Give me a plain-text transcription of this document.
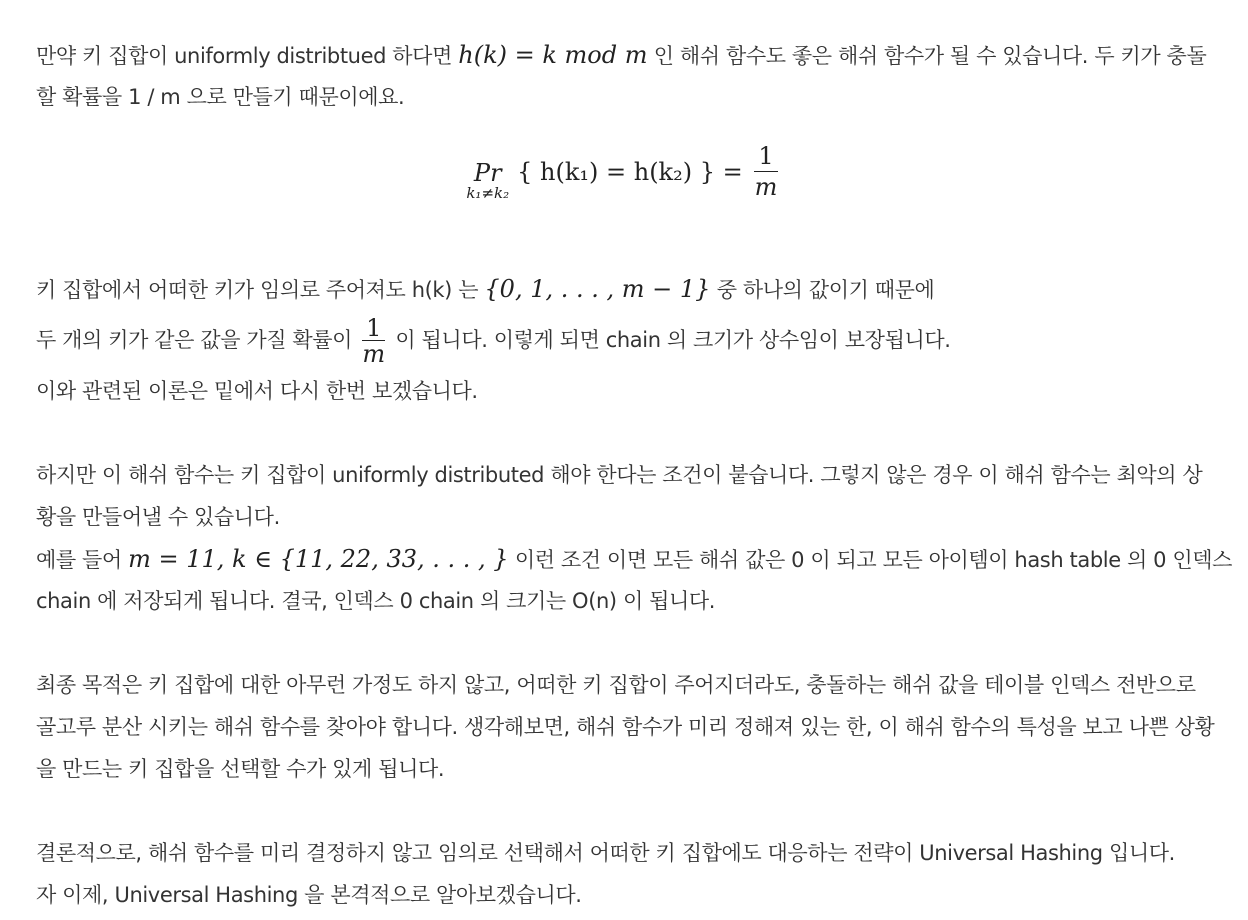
만약 키 집합이 uniformly distribtued 하다면 h(k) = k mod m 인 해쉬 함수도 좋은 해쉬 함수가 될 수 있습니다. 두 키가 충돌
할 확률을 1 / m 으로 만들기 때문이에요.
Pr
k₁≠k₂
{ h(k₁) = h(k₂) } = $\frac{1}{m}$
키 집합에서 어떠한 키가 임의로 주어져도 h(k) 는 {0, 1, . . . , m − 1} 중 하나의 값이기 때문에
두 개의 키가 같은 값을 가질 확률이 $\frac{1}{m}$ 이 됩니다. 이렇게 되면 chain 의 크기가 상수임이 보장됩니다.
이와 관련된 이론은 밑에서 다시 한번 보겠습니다.
하지만 이 해쉬 함수는 키 집합이 uniformly distributed 해야 한다는 조건이 붙습니다. 그렇지 않은 경우 이 해쉬 함수는 최악의 상
황을 만들어낼 수 있습니다.
예를 들어 m = 11, k ∈ {11, 22, 33, . . . , } 이런 조건 이면 모든 해쉬 값은 0 이 되고 모든 아이템이 hash table 의 0 인덱스
chain 에 저장되게 됩니다. 결국, 인덱스 0 chain 의 크기는 O(n) 이 됩니다.
최종 목적은 키 집합에 대한 아무런 가정도 하지 않고, 어떠한 키 집합이 주어지더라도, 충돌하는 해쉬 값을 테이블 인덱스 전반으로
골고루 분산 시키는 해쉬 함수를 찾아야 합니다. 생각해보면, 해쉬 함수가 미리 정해져 있는 한, 이 해쉬 함수의 특성을 보고 나쁜 상황
을 만드는 키 집합을 선택할 수가 있게 됩니다.
결론적으로, 해쉬 함수를 미리 결정하지 않고 임의로 선택해서 어떠한 키 집합에도 대응하는 전략이 Universal Hashing 입니다.
자 이제, Universal Hashing 을 본격적으로 알아보겠습니다.
